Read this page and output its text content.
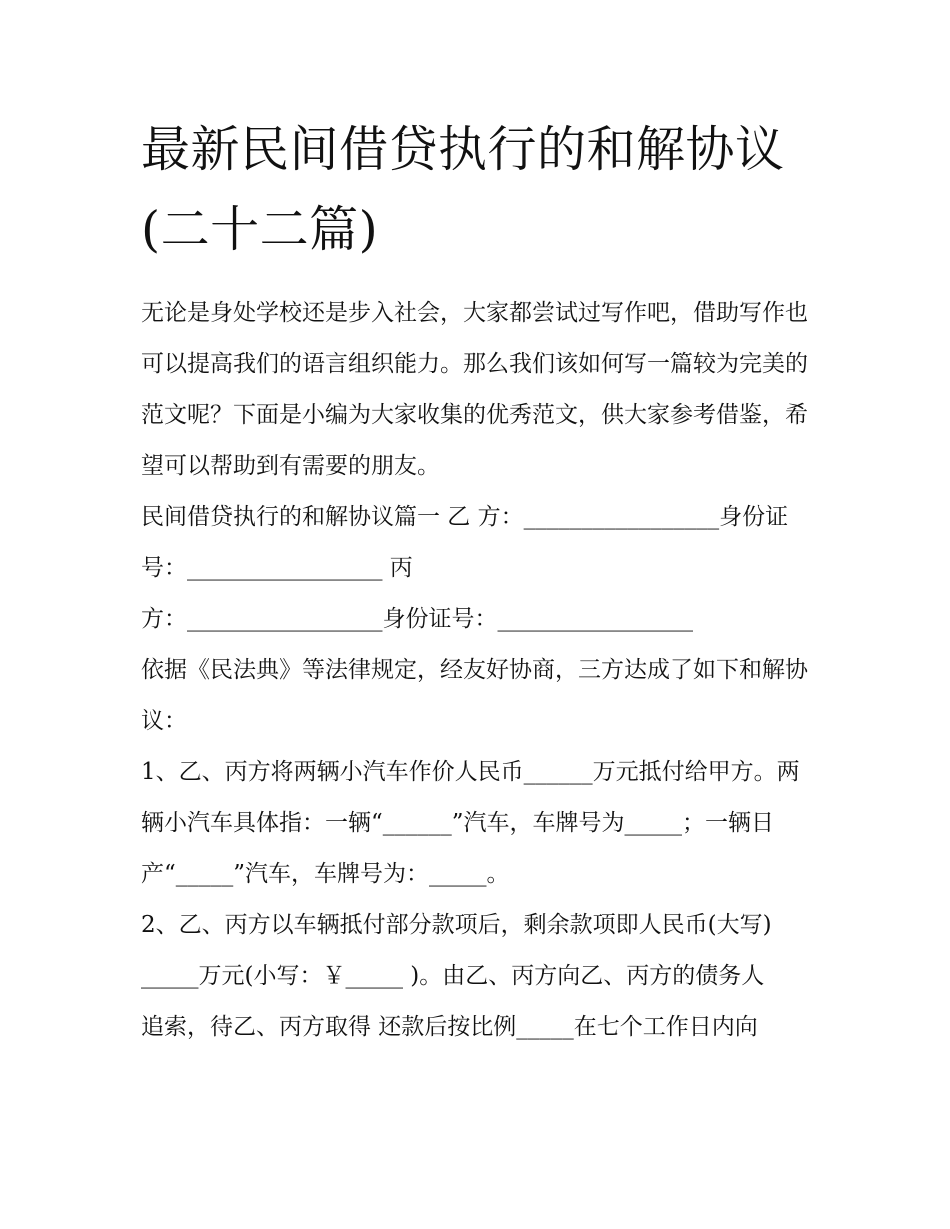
最新民间借贷执行的和解协议
(二十二篇)

无论是身处学校还是步入社会，大家都尝试过写作吧，借助写作也可以提高我们的语言组织能力。那么我们该如何写一篇较为完美的范文呢？下面是小编为大家收集的优秀范文，供大家参考借鉴，希望可以帮助到有需要的朋友。

民间借贷执行的和解协议篇一 乙 方：_________________身份证号：_________________ 丙

方：_________________身份证号：_________________

依据《民法典》等法律规定，经友好协商，三方达成了如下和解协议：

1、乙、丙方将两辆小汽车作价人民币______万元抵付给甲方。两辆小汽车具体指：一辆“______”汽车，车牌号为_____；一辆日产“_____”汽车，车牌号为：_____。

2、乙、丙方以车辆抵付部分款项后，剩余款项即人民币(大写) _____万元(小写：￥_____ )。由乙、丙方向乙、丙方的债务人

追索，待乙、丙方取得 还款后按比例_____在七个工作日内向
